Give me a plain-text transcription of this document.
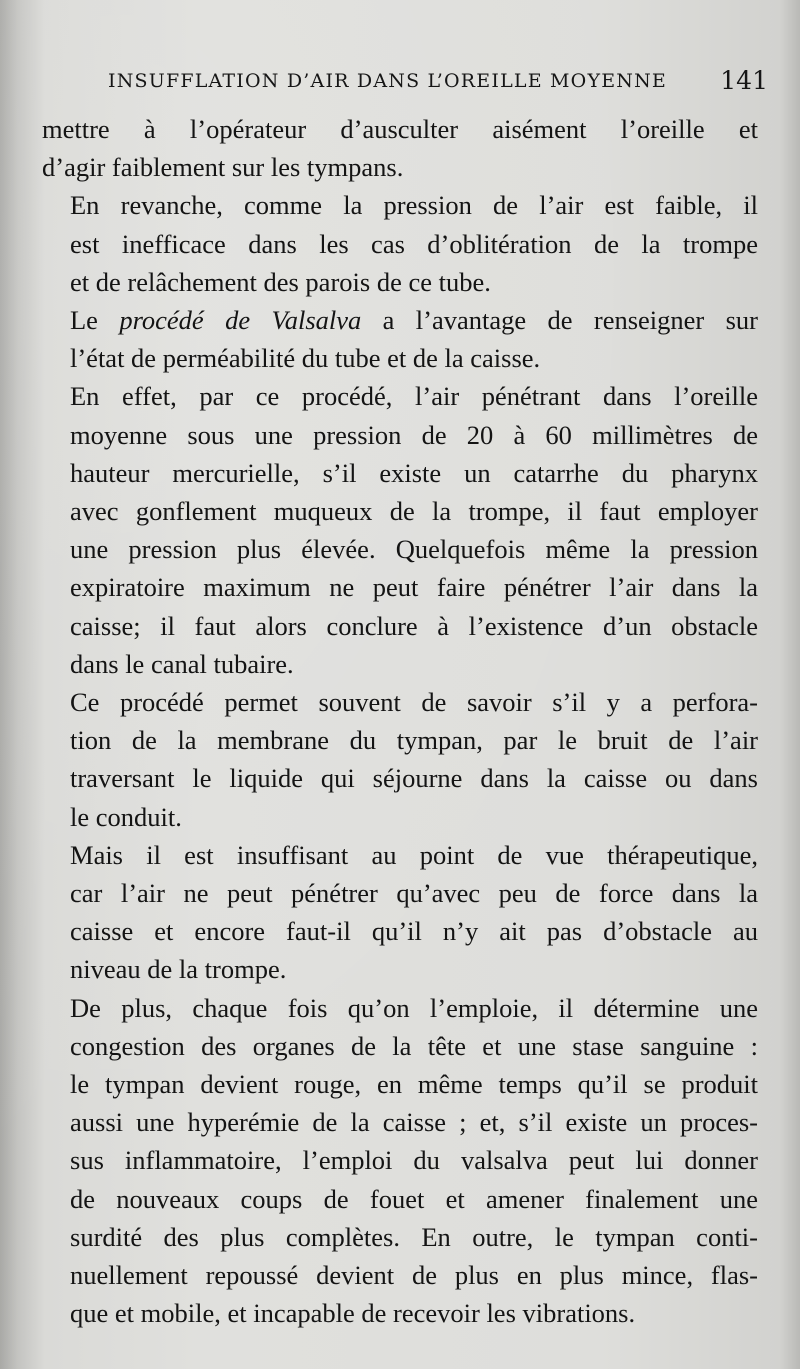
INSUFFLATION D’AIR DANS L’OREILLE MOYENNE 141

mettre à l’opérateur d’ausculter aisément l’oreille et
d’agir faiblement sur les tympans.

En revanche, comme la pression de l’air est faible, il
est inefficace dans les cas d’oblitération de la trompe
et de relâchement des parois de ce tube.

Le procédé de Valsalva a l’avantage de renseigner sur
l’état de perméabilité du tube et de la caisse.

En effet, par ce procédé, l’air pénétrant dans l’oreille
moyenne sous une pression de 20 à 60 millimètres de
hauteur mercurielle, s’il existe un catarrhe du pharynx
avec gonflement muqueux de la trompe, il faut employer
une pression plus élevée. Quelquefois même la pression
expiratoire maximum ne peut faire pénétrer l’air dans la
caisse; il faut alors conclure à l’existence d’un obstacle
dans le canal tubaire.

Ce procédé permet souvent de savoir s’il y a perfora-
tion de la membrane du tympan, par le bruit de l’air
traversant le liquide qui séjourne dans la caisse ou dans
le conduit.

Mais il est insuffisant au point de vue thérapeutique,
car l’air ne peut pénétrer qu’avec peu de force dans la
caisse et encore faut-il qu’il n’y ait pas d’obstacle au
niveau de la trompe.

De plus, chaque fois qu’on l’emploie, il détermine une
congestion des organes de la tête et une stase sanguine :
le tympan devient rouge, en même temps qu’il se produit
aussi une hyperémie de la caisse ; et, s’il existe un proces-
sus inflammatoire, l’emploi du valsalva peut lui donner
de nouveaux coups de fouet et amener finalement une
surdité des plus complètes. En outre, le tympan conti-
nuellement repoussé devient de plus en plus mince, flas-
que et mobile, et incapable de recevoir les vibrations.
